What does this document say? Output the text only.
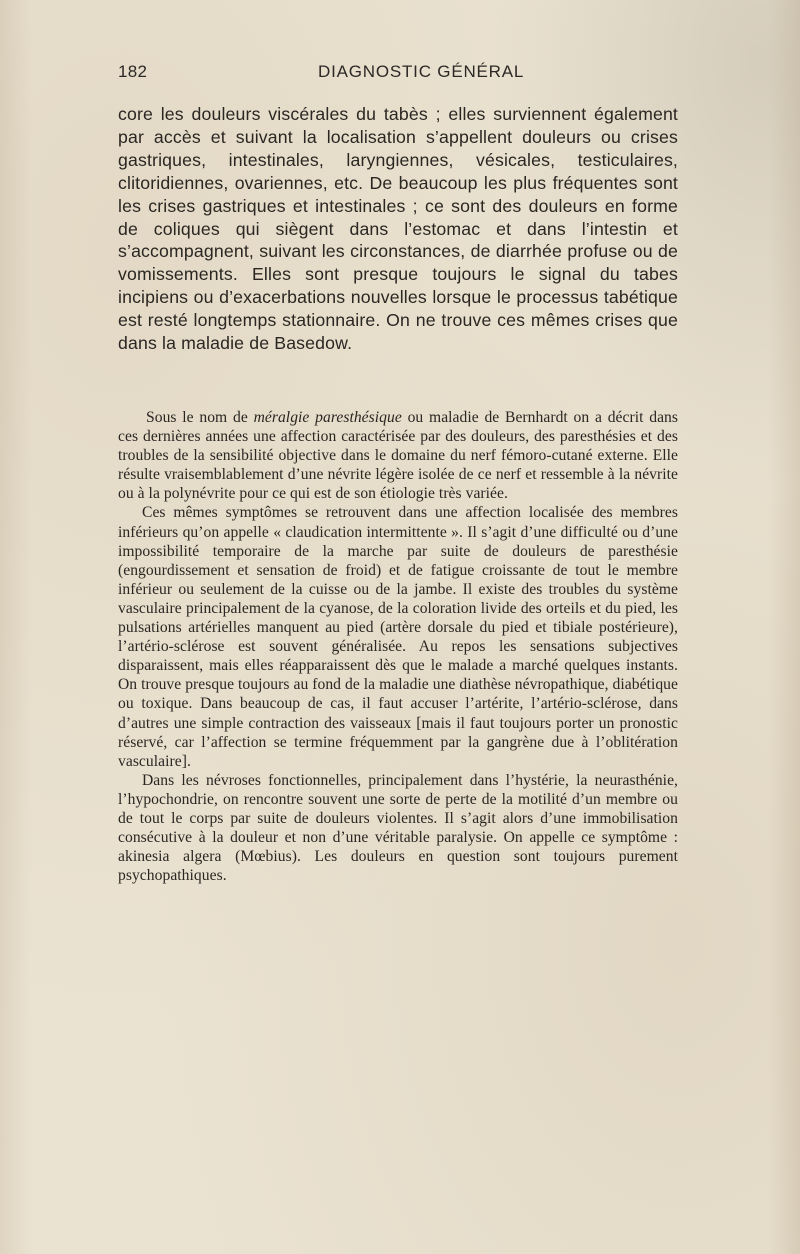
182	DIAGNOSTIC GÉNÉRAL

core les douleurs viscérales du tabès ; elles surviennent également par accès et suivant la localisation s’appellent douleurs ou crises gastriques, intestinales, laryngiennes, vésicales, testiculaires, clitoridiennes, ovariennes, etc. De beaucoup les plus fréquentes sont les crises gastriques et intestinales ; ce sont des douleurs en forme de coliques qui siègent dans l’estomac et dans l’intestin et s’accompagnent, suivant les circonstances, de diarrhée profuse ou de vomissements. Elles sont presque toujours le signal du tabes incipiens ou d’exacerbations nouvelles lorsque le processus tabétique est resté longtemps stationnaire. On ne trouve ces mêmes crises que dans la maladie de Basedow.

Sous le nom de méralgie paresthésique ou maladie de Bernhardt on a décrit dans ces dernières années une affection caractérisée par des douleurs, des paresthésies et des troubles de la sensibilité objective dans le domaine du nerf fémoro-cutané externe. Elle résulte vraisemblablement d’une névrite légère isolée de ce nerf et ressemble à la névrite ou à la polynévrite pour ce qui est de son étiologie très variée.

Ces mêmes symptômes se retrouvent dans une affection localisée des membres inférieurs qu’on appelle « claudication intermittente ». Il s’agit d’une difficulté ou d’une impossibilité temporaire de la marche par suite de douleurs de paresthésie (engourdissement et sensation de froid) et de fatigue croissante de tout le membre inférieur ou seulement de la cuisse ou de la jambe. Il existe des troubles du système vasculaire principalement de la cyanose, de la coloration livide des orteils et du pied, les pulsations artérielles manquent au pied (artère dorsale du pied et tibiale postérieure), l’artério-sclérose est souvent généralisée. Au repos les sensations subjectives disparaissent, mais elles réapparaissent dès que le malade a marché quelques instants. On trouve presque toujours au fond de la maladie une diathèse névropathique, diabétique ou toxique. Dans beaucoup de cas, il faut accuser l’artérite, l’artério-sclérose, dans d’autres une simple contraction des vaisseaux [mais il faut toujours porter un pronostic réservé, car l’affection se termine fréquemment par la gangrène due à l’oblitération vasculaire].

Dans les névroses fonctionnelles, principalement dans l’hystérie, la neurasthénie, l’hypochondrie, on rencontre souvent une sorte de perte de la motilité d’un membre ou de tout le corps par suite de douleurs violentes. Il s’agit alors d’une immobilisation consécutive à la douleur et non d’une véritable paralysie. On appelle ce symptôme : akinesia algera (Mœbius). Les douleurs en question sont toujours purement psychopathiques.
